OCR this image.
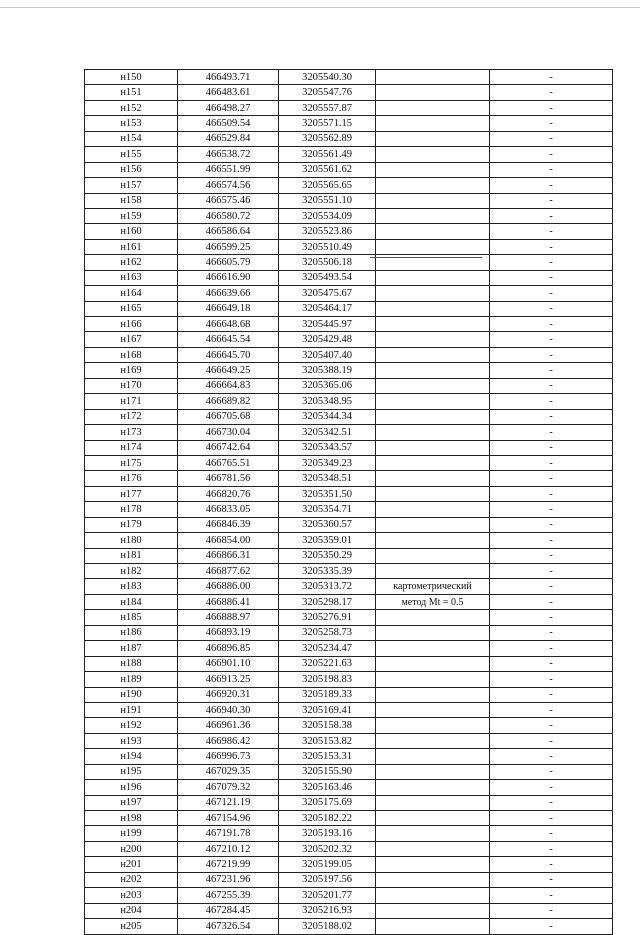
н150	466493.71	3205540.30		-
н151	466483.61	3205547.76		-
н152	466498.27	3205557.87		-
н153	466509.54	3205571.15		-
н154	466529.84	3205562.89		-
н155	466538.72	3205561.49		-
н156	466551.99	3205561.62		-
н157	466574.56	3205565.65		-
н158	466575.46	3205551.10		-
н159	466580.72	3205534.09		-
н160	466586.64	3205523.86		-
н161	466599.25	3205510.49		-
н162	466605.79	3205506.18		-
н163	466616.90	3205493.54		-
н164	466639.66	3205475.67		-
н165	466649.18	3205464.17		-
н166	466648.68	3205445.97		-
н167	466645.54	3205429.48		-
н168	466645.70	3205407.40		-
н169	466649.25	3205388.19		-
н170	466664.83	3205365.06		-
н171	466689.82	3205348.95		-
н172	466705.68	3205344.34		-
н173	466730.04	3205342.51		-
н174	466742.64	3205343.57		-
н175	466765.51	3205349.23		-
н176	466781.56	3205348.51		-
н177	466820.76	3205351.50		-
н178	466833.05	3205354.71		-
н179	466846.39	3205360.57		-
н180	466854.00	3205359.01		-
н181	466866.31	3205350.29		-
н182	466877.62	3205335.39		-
н183	466886.00	3205313.72	картометрический	-
н184	466886.41	3205298.17	метод Mt = 0.5	-
н185	466888.97	3205276.91		-
н186	466893.19	3205258.73		-
н187	466896.85	3205234.47		-
н188	466901.10	3205221.63		-
н189	466913.25	3205198.83		-
н190	466920.31	3205189.33		-
н191	466940.30	3205169.41		-
н192	466961.36	3205158.38		-
н193	466986.42	3205153.82		-
н194	466996.73	3205153.31		-
н195	467029.35	3205155.90		-
н196	467079.32	3205163.46		-
н197	467121.19	3205175.69		-
н198	467154.96	3205182.22		-
н199	467191.78	3205193.16		-
н200	467210.12	3205202.32		-
н201	467219.99	3205199.05		-
н202	467231.96	3205197.56		-
н203	467255.39	3205201.77		-
н204	467284.45	3205216.93		-
н205	467326.54	3205188.02		-
